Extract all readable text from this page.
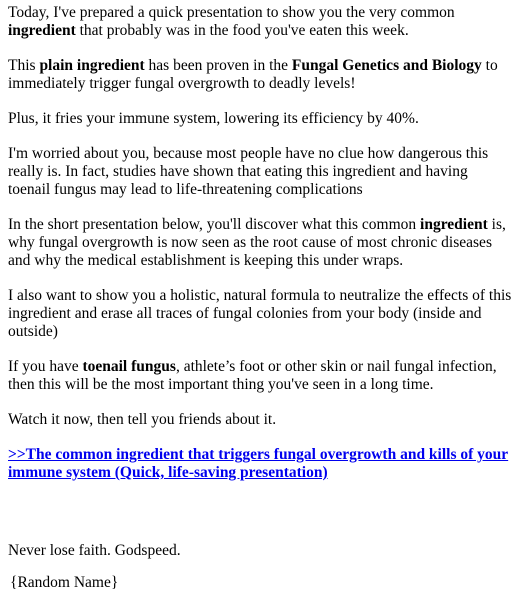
Today, I've prepared a quick presentation to show you the very common ingredient that probably was in the food you've eaten this week.

This plain ingredient has been proven in the Fungal Genetics and Biology to immediately trigger fungal overgrowth to deadly levels!

Plus, it fries your immune system, lowering its efficiency by 40%.

I'm worried about you, because most people have no clue how dangerous this really is. In fact, studies have shown that eating this ingredient and having toenail fungus may lead to life-threatening complications

In the short presentation below, you'll discover what this common ingredient is, why fungal overgrowth is now seen as the root cause of most chronic diseases and why the medical establishment is keeping this under wraps.

I also want to show you a holistic, natural formula to neutralize the effects of this ingredient and erase all traces of fungal colonies from your body (inside and outside)

If you have toenail fungus, athlete’s foot or other skin or nail fungal infection, then this will be the most important thing you've seen in a long time.

Watch it now, then tell you friends about it.

>>The common ingredient that triggers fungal overgrowth and kills of your immune system (Quick, life-saving presentation)

Never lose faith. Godspeed.

{Random Name}
